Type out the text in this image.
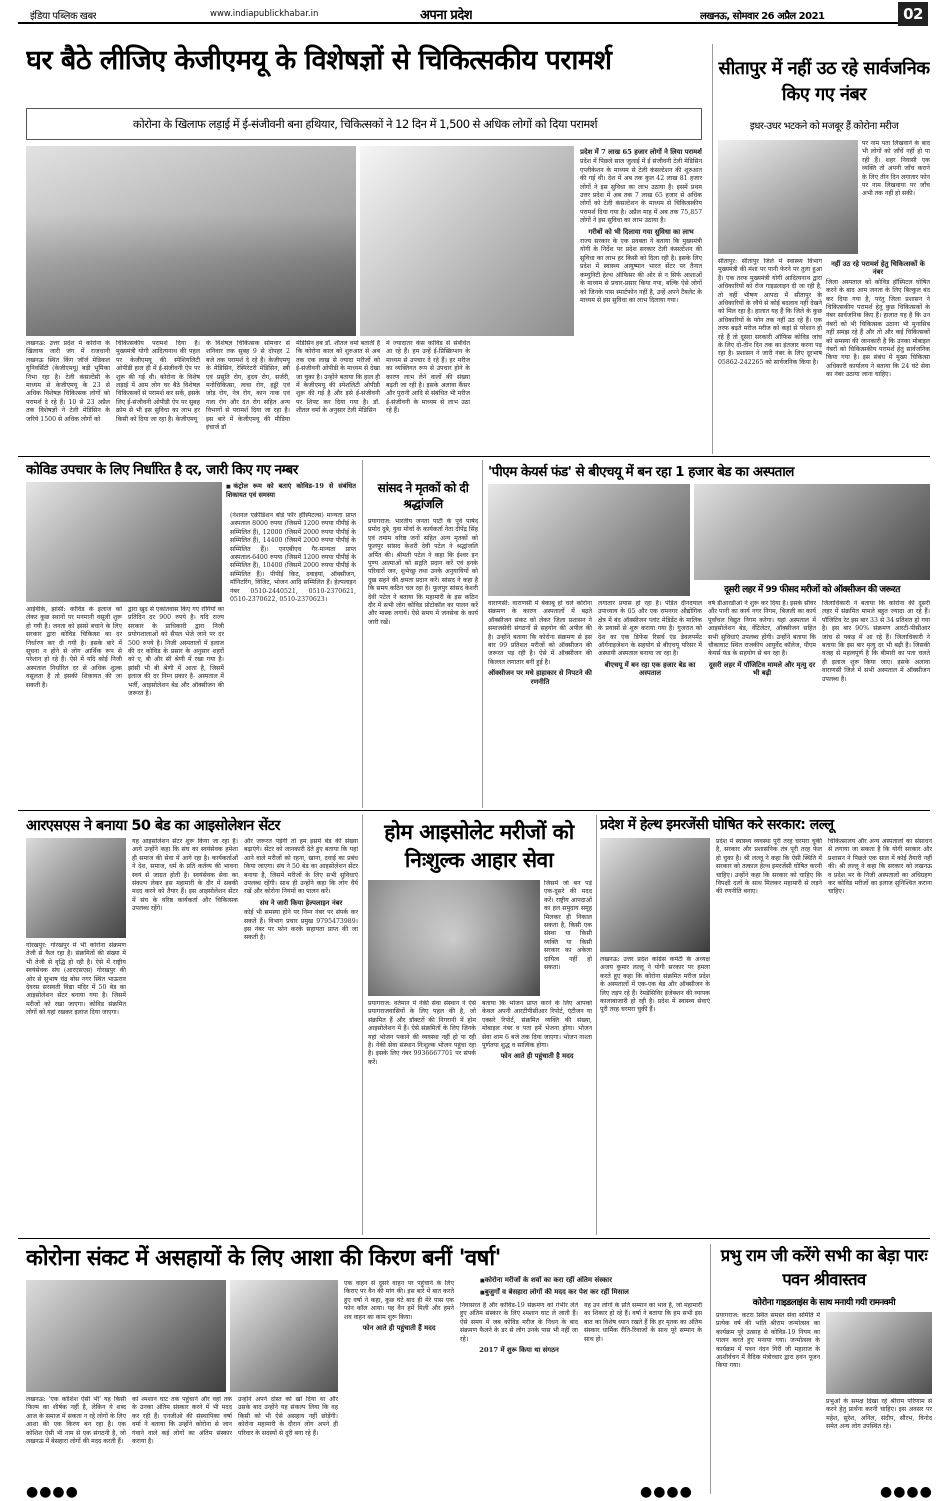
इंडिया पब्लिक खबर	www.indiapublickhabar.in	अपना प्रदेश	लखनऊ, सोमवार 26 अप्रैल 2021	02
घर बैठे लीजिए केजीएमयू के विशेषज्ञों से चिकित्सकीय परामर्श
कोरोना के खिलाफ लड़ाई में ई-संजीवनी बना हथियार, चिकित्सकों ने 12 दिन में 1,500 से अधिक लोगों को दिया परामर्श
लखनऊ: उत्तर प्रदेश में कोरोना के खिलाफ जारी जंग में राजधानी लखनऊ स्थित किंग जॉर्ज मेडिकल यूनिवर्सिटी (केजीएमयू) बड़ी भूमिका निभा रहा है। टेली कंसल्टेंसी के माध्यम से केजीएमयू के 23 से अधिक विशेषज्ञ चिकित्सक लोगों को परामर्श दे रहे हैं। 10 से 23 अप्रैल तक विशेषज्ञों ने टेली मेडिसिन के जरिये 1500 से अधिक लोगों को
चिकित्सकीय परामर्श दिया है। मुख्यमंत्री योगी आदित्यनाथ की पहल पर केजीएमयू की स्पेशियलिटी ओपीडी हाल ही में ई-संजीवनी ऐप पर शुरू की गई थी। कोरोना के विशेष लड़ाई में आम लोग घर बैठे विशेषज्ञ चिकित्सकों से परामर्श कर सकें, इसके लिए ई-संजीवनी ओपीडी ऐप पर सुबह क्रोम से भी इस सुविधा का लाभ हर किसी को दिया जा रहा है। केजीएमयू
के विशेषज्ञ चिकित्सक सोमवार से शनिवार तक सुबह 9 से दोपहर 2 बजे तक परामर्श दे रहे हैं। केजीएमयू के मेडिसिन, रेस्पिरेटरी मेडिसिन, स्त्री एवं प्रसूति रोग, हृदय रोग, सर्जरी, मनोचिकित्सा, त्वचा रोग, हड्डी एवं जोड़ रोग, नेत्र रोग, कान नाक एवं गला रोग और दंत रोग सहित अन्य विभागों से परामर्श दिया जा रहा है। इस बारे में केजीएमयू की मीडिया इंचार्ज डॉ
मेडिसिन हब डॉ. शीतल वर्मा बताती हैं कि कोरोना काल को शुरुआत से अब तक एक लाख से ज्यादा मरीजों को ई-संजीवनी ओपीडी के माध्यम से देखा जा चुका है। उन्होंने बताया कि हाल ही में केजीएमयू की स्पेशलिटी ओपीडी शुरू की गई है और इसे ई-संजीवनी पर शिफ्ट कर दिया गया है। डॉ. शीतल वर्मा के अनुसार टेली मेडिसिन
में ज्यादातर केस कोविड से संबंधित आ रहे हैं। हम उन्हें ई-प्रिस्क्रिप्शन के माध्यम से उपचार दे रहे हैं। हर मरीज का व्यक्तिगत रूप से उपचार होने के कारण लाभ लेने वालों की संख्या बढ़ती जा रही है। इसके अलावा कैंसर और पुरानी आदि से संबंधित भी मरीज ई-संजीवनी के माध्यम से लाभ उठा रहे हैं।
प्रदेश में 7 लाख 65 हजार लोगों ने लिया परामर्श

प्रदेश में पिछले साल जुलाई में ई संजीवनी टेली मेडिसिन एप्लीकेशन के माध्यम से टेली कंसल्टेशन की शुरुआत की गई थी। देश में अब तक कुल 42 लाख 81 हजार लोगों ने इस सुविधा का लाभ उठाया है। इसमें प्रथम उत्तर प्रदेश में अब तक 7 लाख 65 हजार से अधिक लोगों को टेली कंसल्टेशन के माध्यम से चिकित्सकीय परामर्श दिया गया है। अप्रैल माह में अब तक 75,857 लोगों ने इस सुविधा का लाभ उठाया है।

गरीबों को भी दिलाया गया सुविधा का लाभ

राज्य सरकार के एक प्रवक्ता ने बताया कि मुख्यमंत्री योगी के निर्देश पर प्रदेश सरकार टेली कंसल्टेशन की सुविधा का लाभ हर किसी को दिला रही है। इसके लिए प्रदेश में स्वास्थ्य आयुष्मान भारत सेंटर पर तैनात कम्युनिटी हेल्थ ऑफिसर की ओर से न सिर्फ आशाओं के माध्यम से प्रचार-प्रसार किया गया, बल्कि ऐसे लोगों को जिनके पास स्मार्टफोन नहीं है, उन्हें अपने टैबलेट के माध्यम से इस सुविधा का लाभ दिलाया गया।

सीतापुर में नहीं उठ रहे सार्वजनिक किए गए नंबर
इधर-उधर भटकने को मजबूर हैं कोरोना मरीज
पर नाम पता लिखवाने के बाद भी लोगों को जाँचें नहीं हो पा रही हैं। शहर निवासी एक व्यक्ति तो अपनी जाँच कराने के लिए तीन दिन लगातार फोन पर नाम लिखवाया पर जाँच अभी तक नहीं हो सकी।
सीतापुर: सीतापुर जिले में स्वास्थ्य विभाग मुख्यमंत्री की मंशा पर पानी फेरने पर तुला हुआ है। एक तरफ मुख्यमंत्री योगी आदित्यनाथ द्वारा अधिकारियों को रोज गाइडलाइन दी जा रही है, तो वहीं भीषण आपदा में सीतापुर के अधिकारियों के रवैये से कोई बदलाव नहीं देखने को मिल रहा है। हालात यह हैं कि जिले के कुछ अधिकारियों के फोन तक नहीं उठ रहे हैं। एक तरफ बढ़ते मरीज मरीज को कहां से परेशान हो रहे हैं तो दूसरा सरकारी ऑफिस कोविड जांच के लिए दो-तीन दिन तक का इंतजार करना पड़ रहा है। प्रशासन ने जारी नंबर के लिए दूरभाष 05862-242265 को सार्वजनिक किया है।
नहीं उठ रहे परामर्श हेतु चिकित्सकों के नंबर

जिला अस्पताल को कोविड हॉस्पिटल घोषित करने के बाद आम जनता के लिए बिल्कुल बंद कर दिया गया है, परंतु जिला प्रशासन ने चिकित्सकीय परामर्श हेतु कुछ चिकित्सकों के नंबर सार्वजनिक किए हैं। हालात यह है कि उन नंबरों को भी चिकित्सक उठाना भी मुनासिब नहीं समझ रहे हैं और तो और कई चिकित्सकों को समस्या की जानकारी है कि उनका मोबाइल नंबरों को चिकित्सकीय परामर्श हेतु सार्वजनिक किया गया है। इस संबंध में मुख्य चिकित्सा अधिकारी कार्यालय ने बताया कि 24 घंटे सेवा का नंबर उठाया जाना चाहिए।

कोविड उपचार के लिए निर्धारित है दर, जारी किए गए नम्बर
■ कंट्रोल रूम को बताएं कोविड-19 से संबंधित शिकायत एवं समस्या
आईवीके, झांसी: कोविड के इलाज को लेकर कुछ स्थानों पर मनमानी वसूली शुरू हो गयी है। जनता को इससे बचाने के लिए सरकार द्वारा कोविड चिकित्सा का दर निर्धारण कर दी गयी है। इसके बारे में सूचना न होने से लोग आर्थिक रूप से परेशान हो रहे हैं। ऐसे में यदि कोई निजी अस्पताल निर्धारित दर से अधिक शुल्क वसूलता है तो इसकी शिकायत की जा सकती है।
द्वारा खुद से एकांतवास किए गए रोगियों का प्रतिदिन दर 900 रुपये है। यदि राज्य सरकार के प्राधिकारी द्वारा निजी प्रयोगशालाओं को सैंपल भेजे जाने पर दर 500 रुपये है। निजी अस्पतालों में इलाज की दर कोविड के प्रसार के अनुसार शहरों को ए, बी और सी श्रेणी में रखा गया है। झांसी भी बी श्रेणी में आता है, जिसमें इलाज की दर निम्न प्रकार है- अस्पताल में भर्ती, आइसोलेशन बेड और ऑक्सीजन की जरूरत है।
(नेशनल एक्रीडिशन बोर्ड फॉर हॉस्पिटल्स) मान्यता प्राप्त अस्पताल 8000 रुपया (जिसमें 1200 रुपया पीपीई के सम्मिलित हैं), 12000 (जिसमें 2000 रुपया पीपीई के सम्मिलित हैं), 14400 (जिसमें 2000 रुपया पीपीई के सम्मिलित हैं)। एनएबीएच गैर-मान्यता प्राप्त अस्पताल-6400 रुपया (जिसमें 1200 रुपया पीपीई के सम्मिलित हैं), 10400 (जिसमें 2000 रुपया पीपीई के सम्मिलित हैं)। पीपीई किट, दवाइयां, ऑक्सीजन, मॉनिटरिंग, विजिट, भोजन आदि सम्मिलित हैं। हेल्पलाइन नंबर 0510-2440521, 0510-2370621, 0510-2370622, 0510-2370623।
सांसद ने मृतकों को दी श्रद्धांजलि
प्रयागराज: भारतीय जनता पार्टी के पूर्व पार्षद प्रमोद दुबे, युवा मोर्चा के कार्यकर्ता नेता दीपेंद्र सिंह एवं तमाम वरिष्ठ जनों सहित अन्य मृतकों को फूलपुर सांसद केशरी देवी पटेल ने श्रद्धांजलि अर्पित की। श्रीमती पटेल ने कहा कि ईश्वर इन पुण्य आत्माओं को सद्गति प्रदान करें एवं इनके परिवारों जन, शुभेच्छु तथा उनके अनुयायियों को दुख सहने की क्षमता प्रदान करें। सांसद ने कहा है कि समय कठिन चल रहा है। फूलपुर सांसद केशरी देवी पटेल ने बताया कि महामारी के इस कठिन दौर में सभी लोग कोविड प्रोटोकॉल का पालन करें और मास्क लगायें। ऐसे समय में जनसेवा के कार्य जारी रखें।
'पीएम केयर्स फंड' से बीएचयू में बन रहा 1 हजार बेड का अस्पताल
दूसरी लहर में 99 फीसद मरीजों को ऑक्सीजन की जरूरत

वाराणसी: वाराणसी में बेकाबू हो चले कोरोना संक्रमण के कारण अस्पतालों में बढ़ते ऑक्सीजन संकट को लेकर जिला प्रशासन ने समाजसेवी संगठनों से सहयोग की अपील की है। उन्होंने बताया कि कोरोना संक्रमण से इस बार 99 प्रतिशत मरीजों को ऑक्सीजन की जरूरत पड़ रही है। ऐसे में ऑक्सीजन की किल्लत लगातार बनी हुई है।

ऑक्सीजन पर मचे हाहाकार से निपटने की रणनीति

लगातार प्रयास हो रहा है। पंडित दीनदयाल उपाध्याय के 05 और एक रामनगर औद्योगिक क्षेत्र में बंद ऑक्सीजन प्लांट मेडिडेंट के मालिक के प्रयासों से शुरू कराया गया है। गुजरात को देश का एक डिफेंस रिसर्च एंड डेवलपमेंट ऑर्गनाइजेशन के सहयोग से बीएचयू परिसर में अस्थायी अस्पताल बनाया जा रहा है।

बीएचयू में बन रहा एक हजार बेड का अस्पताल

वर्ष डीआरडीओ ने शुरू कर दिया है। इसके सीवर और पानी का कार्य नगर निगम, बिजली का कार्य पूर्वांचल विद्युत निगम करेगा। यहां अस्पताल में आइसोलेशन बेड, वेंटिलेटर, ऑक्सीजन सहित सभी सुविधाएं उपलब्ध होंगी। उन्होंने बताया कि चौकाघाट स्थित राजकीय आयुर्वेद कॉलेज, पीएम केयर्स फंड के सहयोग से बन रहा है।

दूसरी लहर में पॉजिटिव मामले और मृत्यु दर भी बढ़ी
जिलाधिकारी ने बताया कि कोरोना की दूसरी लहर में संक्रमित मामले बहुत ज्यादा आ रहे हैं। पॉजिटिव रेट इस बार 33 से 34 प्रतिशत हो गया है। इस बार 90% संक्रमण आरटी-पीसीआर जांच से पकड़ में आ रहे हैं। जिलाधिकारी ने बताया कि इस बार मृत्यु दर भी बढ़ी है। जिसकी वजह से महत्वपूर्ण है कि बीमारी का पता चलते ही इलाज शुरू किया जाए। इसके अलावा वाराणसी जिले में सभी अस्पताल में ऑक्सीजन उपलब्ध है।
आरएसएस ने बनाया 50 बेड का आइसोलेशन सेंटर
गोरखपुर: गोरखपुर में भी कोरोना संक्रमण तेजी से फैल रहा है। संक्रमितों की संख्या में भी तेजी से वृद्धि हो रही है। ऐसे में राष्ट्रीय स्वयंसेवक संघ (आरएसएस) गोरखपुर की ओर से सुभाष चंद्र बोस नगर स्थित भाऊराव देवरस सरस्वती विद्या मंदिर में 50 बेड का आइसोलेशन सेंटर बनाया गया है। जिसमें मरीजों को रखा जाएगा। कोविड संक्रमित लोगों को यहां रखकर इलाज दिया जाएगा।
यह आइसोलेशन सेंटर शुरू किया जा रहा है। आगे उन्होंने कहा कि संघ का स्वयंसेवक हमेशा ही समाज की सेवा में आगे रहा है। कार्यकर्ताओं ने देश, समाज, धर्म के प्रति कर्तव्य की भावना स्वयं से जाग्रत होती है। स्वयंसेवक सेवा का संकल्प लेकर इस महामारी के दौर में सबकी मदद करने को तैयार हैं। इस आइसोलेशन सेंटर में संघ के वरिष्ठ कार्यकर्ता और चिकित्सक उपलब्ध रहेंगे।

और जरूरत पड़ेगी तो हम इसमें बेड की संख्या बढ़ाएंगे। सेंटर को जानकारी देते हुए बताया कि यहां आने वाले मरीजों को रहना, खाना, दवाई का प्रबंध किया जाएगा। संघ ने 50 बेड का आइसोलेशन सेंटर बनाया है, जिसमें मरीजों के लिए सभी सुविधाएं उपलब्ध रहेंगी। साथ ही उन्होंने कहा कि लोग धैर्य रखें और कोरोना नियमों का पालन करें।

संघ ने जारी किया हेल्पलाइन नंबर

कोई भी समस्या होने पर निम्न नंबर पर संपर्क कर सकते हैं। विभाग प्रचार प्रमुख 9795473989। इस नंबर पर फोन करके सहायता प्राप्त की जा सकती है।

होम आइसोलेट मरीजों को निःशुल्क आहार सेवा
जिसमें जो बन पड़े एक-दूसरे की मदद करें। राष्ट्रीय आपदाओं का हल समुदाय समूह मिलकर ही निकाल सकता है, किसी एक संस्था या किसी व्यक्ति या किसी सरकार का अकेला दायित्व नहीं हो सकता।
प्रयागराज: वर्तमान में नेकी सेवा संस्थान ने ऐसे प्रयागराजवासियों के लिए पहल की है, जो संक्रमित हैं और डॉक्टरों की निगरानी में होम आइसोलेशन में हैं। ऐसे संक्रमितों के लिए जिनके यहां भोजन पकाने की व्यवस्था नहीं हो पा रही है। नेकी सेवा संस्थान निःशुल्क भोजन पहुंचा रहा है। इसके लिए नंबर 9936667701 पर संपर्क करें।

बताया कि भोजन प्राप्त करने के लिए आपको केवल अपनी आरटीपीसीआर रिपोर्ट, एंटीजन या एक्सरे रिपोर्ट, संक्रमित व्यक्ति की संख्या, मोबाइल नंबर व पता हमें भेजना होगा। भोजन सेवा शाम 6 बजे तक दिया जाएगा। भोजन नाश्ता पूर्णतया शुद्ध व सात्विक होगा।

फोन आते ही पहुंचाती है मदद
प्रदेश में हेल्थ इमरजेंसी घोषित करे सरकार: लल्लू
लखनऊ: उत्तर प्रदेश कांग्रेस कमेटी के अध्यक्ष अजय कुमार लल्लू ने योगी सरकार पर हमला करते हुए कहा कि कोरोना संक्रमित मरीज प्रदेश के अस्पतालों में एक-एक बेड और ऑक्सीजन के लिए तड़प रहे हैं। रेमडेसिविर इंजेक्शन की व्यापक कालाबाजारी हो रही है। प्रदेश में स्वास्थ्य सेवाएं पूरी तरह चरमरा चुकी हैं।
प्रदेश में स्वास्थ्य व्यवस्था पूरी तरह चरमरा चुकी है, सरकार और प्रशासनिक तंत्र पूरी तरह फेल हो चुका है। श्री लल्लू ने कहा कि ऐसी स्थिति में सरकार को तत्काल हेल्थ इमरजेंसी घोषित करनी चाहिए। उन्होंने कहा कि सरकार को चाहिए कि विपक्षी दलों के साथ मिलकर महामारी से लड़ने की रणनीति बनाए।
चिकित्सालय और अन्य अस्पतालों का संसाधन से लगाया जा सकता है कि योगी सरकार और प्रशासन ने पिछले एक साल में कोई तैयारी नहीं की। श्री लल्लू ने कहा कि सरकार को लखनऊ व प्रदेश भर के निजी अस्पतालों का अधिग्रहण कर कोविड मरीजों का इलाज सुनिश्चित कराना चाहिए।
कोरोना संकट में असहायों के लिए आशा की किरण बनीं 'वर्षा'
■ कोरोना मरीजों के शवों का करा रहीं अंतिम संस्कार
■ बुजुर्गों व बेसहारा लोगों की मदद कर पेश कर रहीं मिसाल
लखनऊ: 'एक कोशिश ऐसी भी' यह किसी फिल्म का शीर्षक नहीं है, लेकिन ये शब्द आज के समाज में सकता न रहे लोगों के लिए आशा की एक किरण बन रहा है। एक कोशिश ऐसी भी नाम से एक संगठनी है, जो लखनऊ में बेसहारा लोगों की मदद करती हैं।
को श्मशान घाट तक पहुंचाने और वहां तक के उनका अंतिम संस्कार करने में भी मदद कर रही हैं। एनजीओ की संस्थापिका वर्षा वर्मा ने बताया कि उन्होंने कोरोना से जान गंवाने वाले कई लोगों का अंतिम संस्कार कराया है।
उन्होंने अपने दोस्त को खो दिया था और उसके बाद उन्होंने यह संकल्प लिया कि वह किसी को भी ऐसे असहाय नहीं छोड़ेंगी। कोरोना महामारी के दौरान लोग अपने ही परिवार के सदस्यों से दूरी बना रहे हैं।

एक वाहन से दूसरे वाहन पर पहुंचाने के लिए किराए पर वैन की मांग की। इस बारे में बात करते हुए वर्षा ने कहा, कुछ घंटे बाद ही मेरे पास एक फोन कॉल आया। यह वैन हमें मिली और हमने शव वाहन का काम शुरू किया।

फोन आते ही पहुंचाती हैं मदद

निवासरत हैं और कोविड-19 संक्रमण को गंभीर लेते हुए अंतिम संस्कार के लिए श्मशान घाट ले जाती हैं। ऐसे समय में जब कोविड मरीज के निधन के बाद संक्रमण फैलने के डर से लोग उनके पास भी नहीं जा रहे।

2017 में शुरू किया था संगठन
यह उन लोगों के प्रति सम्मान का भाव है, जो महामारी का शिकार हो रहे हैं। वर्षा ने बताया कि हम सभी इस बात का विशेष ध्यान रखते हैं कि हर मृतक का अंतिम संस्कार धार्मिक रीति-रिवाजों के साथ पूरे सम्मान के साथ हो।
●●●●	●●●●
प्रभु राम जी करेंगे सभी का बेड़ा पारः पवन श्रीवास्तव
कोरोना गाइडलाइंस के साथ मनायी गयी रामनवमी
प्रयागराज: कटरा स्थित समस्त सेवा समिति में प्रत्येक वर्ष की भांति श्रीराम जन्मोत्सव का कार्यक्रम पूरे उत्साह से कोविड-19 नियम का पालन करते हुए मनाया गया। जन्मोत्सव के कार्यक्रम में पवन नंदन गिरी जी महाराज के आशीर्वचन में वैदिक मंत्रोच्चार द्वारा हवन पूजन किया गया।
प्रभुओं के समक्ष दिखा रहे श्रीराम परिणाम से करने हेतु प्रार्थना करनी चाहिए। इस अवसर पर महेश, सुरेश, अनिल, संदीप, सौरभ, विनोद समेत अन्य लोग उपस्थित रहे।
●●●●
